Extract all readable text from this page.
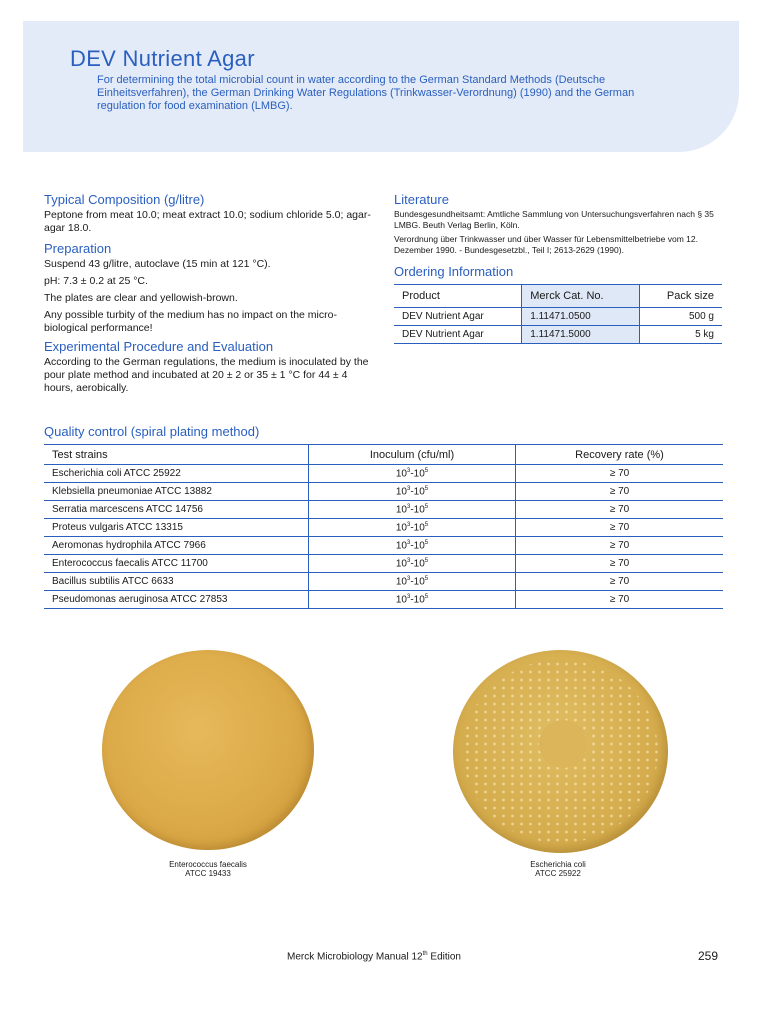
DEV Nutrient Agar
For determining the total microbial count in water according to the German Standard Methods (Deutsche Einheitsverfahren), the German Drinking Water Regulations (Trinkwasser-Verordnung) (1990) and the German regulation for food examination (LMBG).
Typical Composition (g/litre)
Peptone from meat 10.0; meat extract 10.0; sodium chloride 5.0; agar-agar 18.0.
Preparation

Suspend 43 g/litre, autoclave (15 min at 121 °C).

pH: 7.3 ± 0.2 at 25 °C.

The plates are clear and yellowish-brown.

Any possible turbity of the medium has no impact on the micro-biological performance!

Experimental Procedure and Evaluation
According to the German regulations, the medium is inoculated by the pour plate method and incubated at 20 ± 2 or 35 ± 1 °C for 44 ± 4 hours, aerobically.
Literature

Bundesgesundheitsamt: Amtliche Sammlung von Untersuchungsverfahren nach § 35 LMBG. Beuth Verlag Berlin, Köln.

Verordnung über Trinkwasser und über Wasser für Lebensmittelbetriebe vom 12. Dezember 1990. - Bundesgesetzbl., Teil I; 2613-2629 (1990).

Ordering Information
Product	Merck Cat. No.	Pack size
DEV Nutrient Agar	1.11471.0500	500 g
DEV Nutrient Agar	1.11471.5000	5 kg
Quality control (spiral plating method)
Test strains	Inoculum (cfu/ml)	Recovery rate (%)
Escherichia coli ATCC 25922	$10^3-10^5$	≥ 70
Klebsiella pneumoniae ATCC 13882	$10^3-10^5$	≥ 70
Serratia marcescens ATCC 14756	$10^3-10^5$	≥ 70
Proteus vulgaris ATCC 13315	$10^3-10^5$	≥ 70
Aeromonas hydrophila ATCC 7966	$10^3-10^5$	≥ 70
Enterococcus faecalis ATCC 11700	$10^3-10^5$	≥ 70
Bacillus subtilis ATCC 6633	$10^3-10^5$	≥ 70
Pseudomonas aeruginosa ATCC 27853	$10^3-10^5$	≥ 70
Enterococcus faecalis
ATCC 19433
Escherichia coli
ATCC 25922
Merck Microbiology Manual 12th Edition	259
